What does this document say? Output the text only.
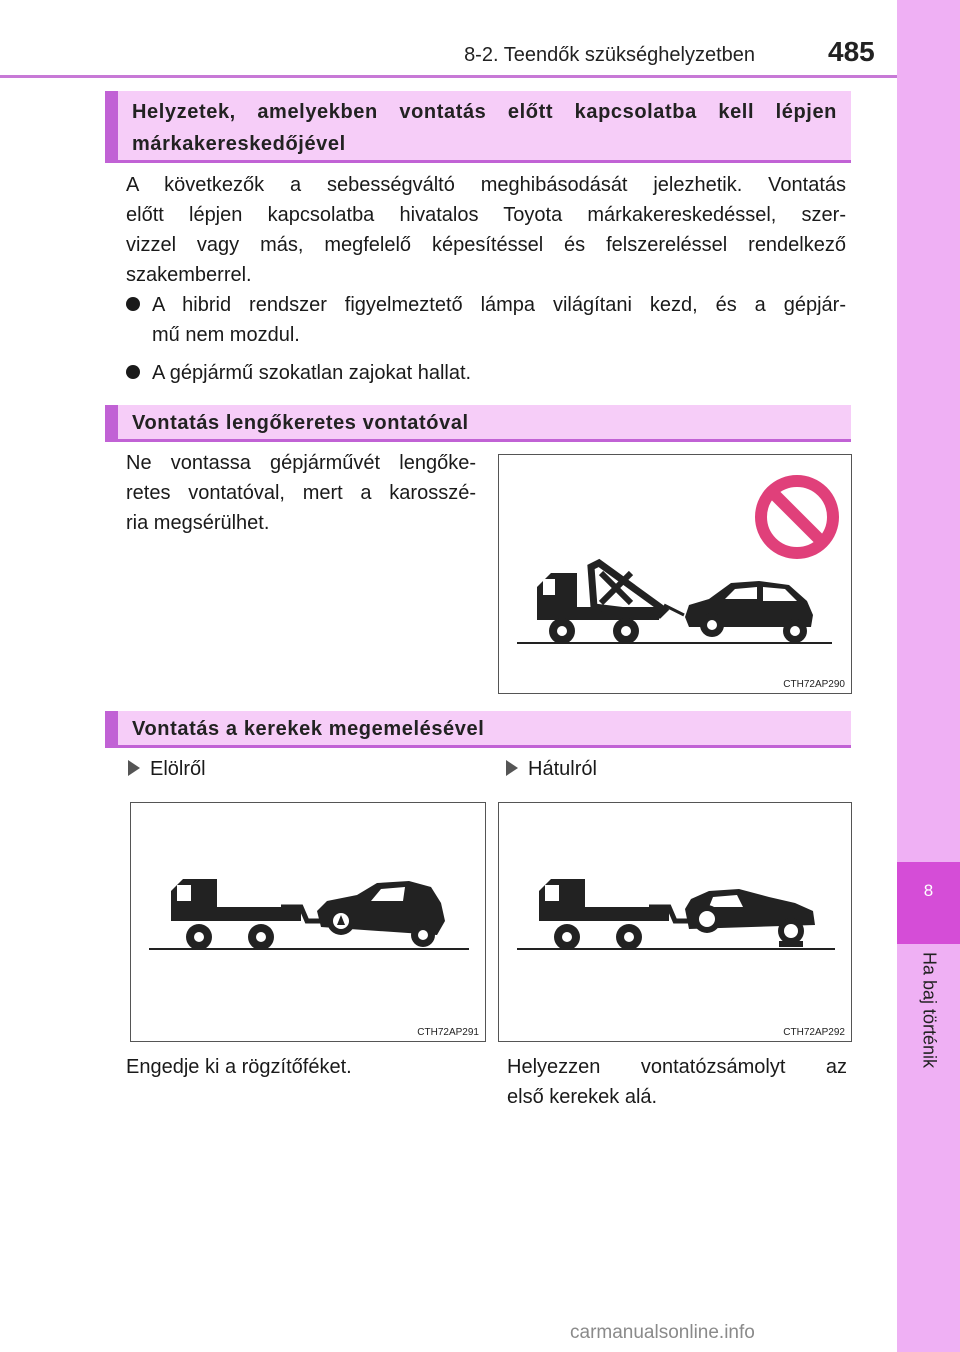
8-2. Teendők szükséghelyzetben	485
8
Ha baj történik
Helyzetek, amelyekben vontatás előtt kapcsolatba kell lépjen
márkakereskedőjével
A következők a sebességváltó meghibásodását jelezhetik. Vontatás
előtt lépjen kapcsolatba hivatalos Toyota márkakereskedéssel, szer-
vizzel vagy más, megfelelő képesítéssel és felszereléssel rendelkező
szakemberrel.
A hibrid rendszer figyelmeztető lámpa világítani kezd, és a gépjár-
mű nem mozdul.
A gépjármű szokatlan zajokat hallat.
Vontatás lengőkeretes vontatóval
Ne vontassa gépjárművét lengőke-
retes vontatóval, mert a karosszé-
ria megsérülhet.
CTH72AP290
Vontatás a kerekek megemelésével
Elölről	Hátulról
CTH72AP291	CTH72AP292
Engedje ki a rögzítőféket.	Helyezzen vontatózsámolyt az
első kerekek alá.
carmanualsonline.info
